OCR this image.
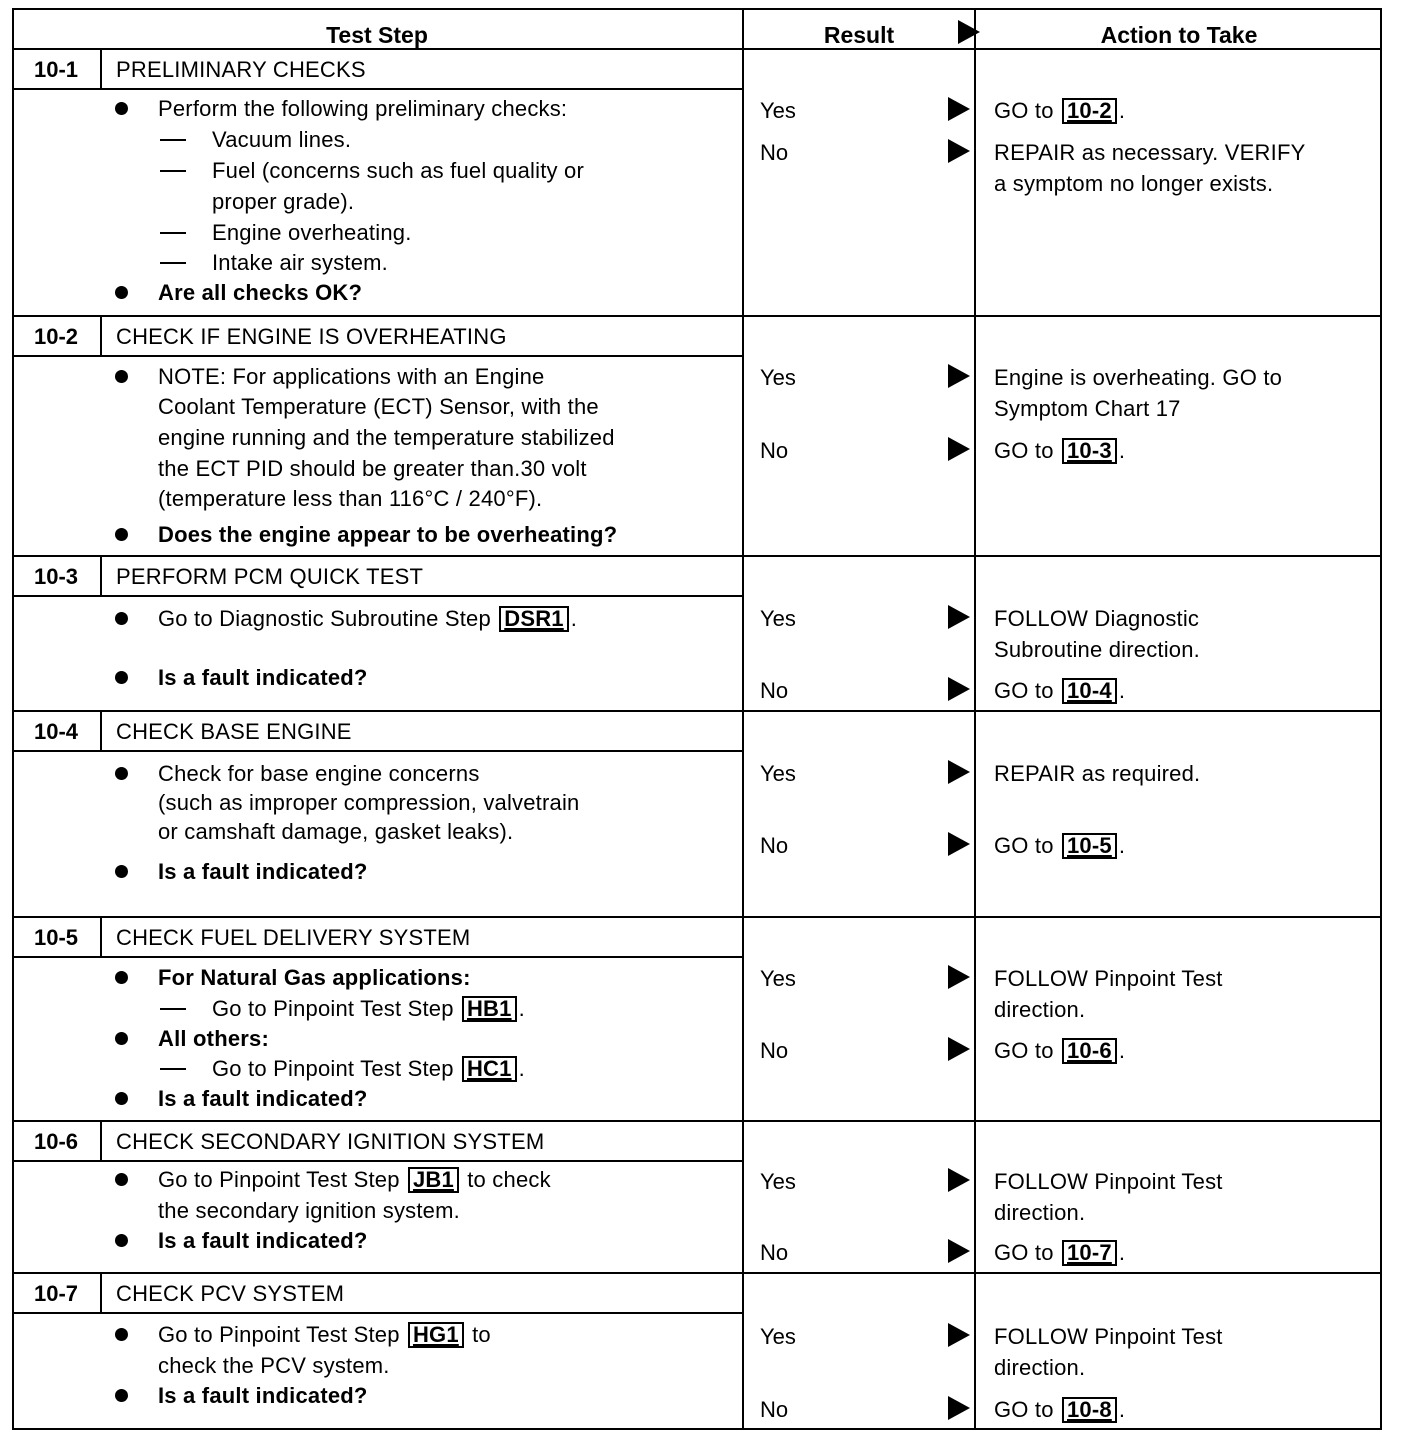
Test Step	Result	Action to Take
10-1	PRELIMINARY CHECKS
Perform the following preliminary checks:
Vacuum lines.
Fuel (concerns such as fuel quality or
proper grade).
Engine overheating.
Intake air system.
Are all checks OK?
Yes	GO to 10-2 .
No	REPAIR as necessary. VERIFY
a symptom no longer exists.
10-2	CHECK IF ENGINE IS OVERHEATING
NOTE: For applications with an Engine
Coolant Temperature (ECT) Sensor, with the
engine running and the temperature stabilized
the ECT PID should be greater than.30 volt
(temperature less than 116°C / 240°F).
Does the engine appear to be overheating?
Yes	Engine is overheating. GO to
Symptom Chart 17
No	GO to 10-3 .
10-3	PERFORM PCM QUICK TEST
Go to Diagnostic Subroutine Step DSR1 .
Is a fault indicated?
Yes	FOLLOW Diagnostic
Subroutine direction.
No	GO to 10-4 .
10-4	CHECK BASE ENGINE
Check for base engine concerns
(such as improper compression, valvetrain
or camshaft damage, gasket leaks).
Is a fault indicated?
Yes	REPAIR as required.
No	GO to 10-5 .
10-5	CHECK FUEL DELIVERY SYSTEM
For Natural Gas applications:
Go to Pinpoint Test Step HB1 .
All others:
Go to Pinpoint Test Step HC1 .
Is a fault indicated?
Yes	FOLLOW Pinpoint Test
direction.
No	GO to 10-6 .
10-6	CHECK SECONDARY IGNITION SYSTEM
Go to Pinpoint Test Step JB1 to check
the secondary ignition system.
Is a fault indicated?
Yes	FOLLOW Pinpoint Test
direction.
No	GO to 10-7 .
10-7	CHECK PCV SYSTEM
Go to Pinpoint Test Step HG1 to
check the PCV system.
Is a fault indicated?
Yes	FOLLOW Pinpoint Test
direction.
No	GO to 10-8 .
